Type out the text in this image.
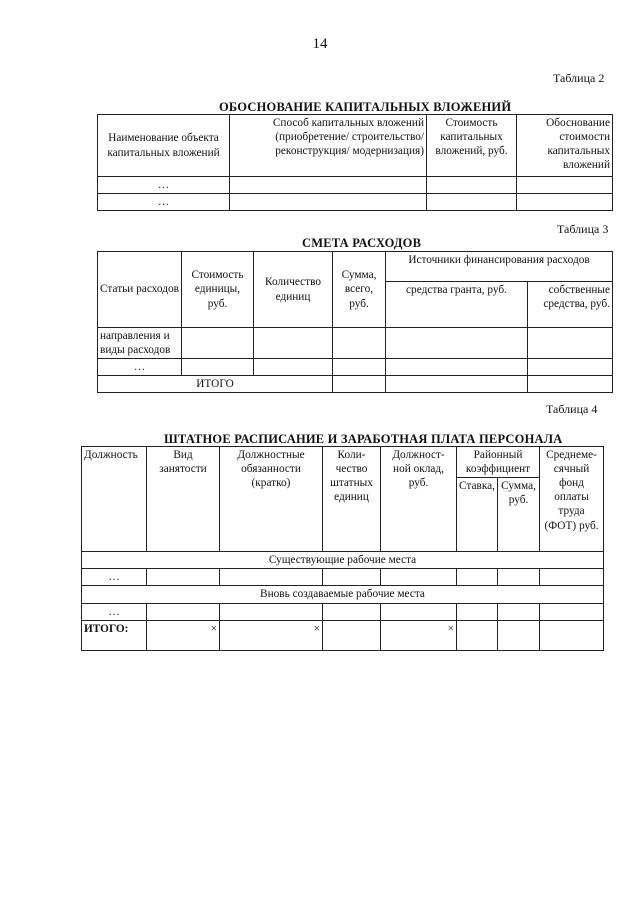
14
Таблица 2
ОБОСНОВАНИЕ КАПИТАЛЬНЫХ ВЛОЖЕНИЙ
Наименование объекта капитальных вложений	Способ капитальных вложений (приобретение/ строительство/реконструкция/ модернизация)	Стоимость капитальных вложений, руб.	Обоснование стоимости капитальных вложений
…			
…			
Таблица 3
СМЕТА РАСХОДОВ
Статьи расходов	Стоимость единицы, руб.	Количество единиц	Сумма, всего, руб.	Источники финансирования расходов	
				средства гранта, руб.	собственные средства, руб.
направления и виды расходов					
…					
ИТОГО					
Таблица 4
ШТАТНОЕ РАСПИСАНИЕ И ЗАРАБОТНАЯ ПЛАТА ПЕРСОНАЛА
Должность	Вид занятости	Должностные обязанности (кратко)	Коли- чество штатных единиц	Должност- ной оклад, руб.	Районный коэффициент		Среднеме- сячный фонд оплаты труда (ФОТ) руб.
					Ставка,	Сумма, руб.	
Существующие рабочие места							
…							
Вновь создаваемые рабочие места							
…							
ИТОГО:	×	×		×			
